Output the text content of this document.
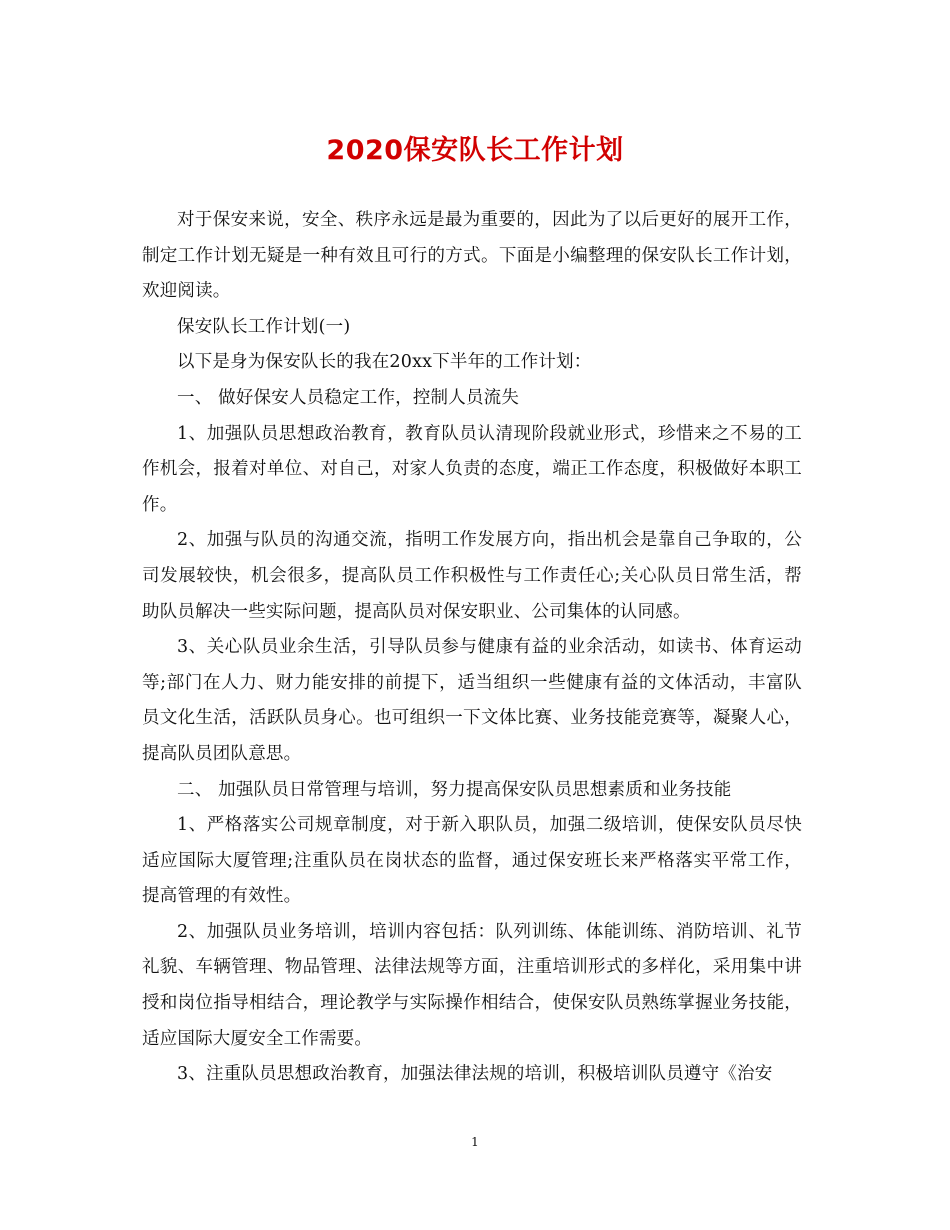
2020保安队长工作计划

对于保安来说，安全、秩序永远是最为重要的，因此为了以后更好的展开工作，制定工作计划无疑是一种有效且可行的方式。下面是小编整理的保安队长工作计划，欢迎阅读。

保安队长工作计划(一)

以下是身为保安队长的我在20xx下半年的工作计划：

一、 做好保安人员稳定工作，控制人员流失

1、加强队员思想政治教育，教育队员认清现阶段就业形式，珍惜来之不易的工作机会，报着对单位、对自己，对家人负责的态度，端正工作态度，积极做好本职工作。

2、加强与队员的沟通交流，指明工作发展方向，指出机会是靠自己争取的，公司发展较快，机会很多，提高队员工作积极性与工作责任心;关心队员日常生活，帮助队员解决一些实际问题，提高队员对保安职业、公司集体的认同感。

3、关心队员业余生活，引导队员参与健康有益的业余活动，如读书、体育运动等;部门在人力、财力能安排的前提下，适当组织一些健康有益的文体活动，丰富队员文化生活，活跃队员身心。也可组织一下文体比赛、业务技能竞赛等，凝聚人心，提高队员团队意思。

二、 加强队员日常管理与培训，努力提高保安队员思想素质和业务技能

1、严格落实公司规章制度，对于新入职队员，加强二级培训，使保安队员尽快适应国际大厦管理;注重队员在岗状态的监督，通过保安班长来严格落实平常工作，提高管理的有效性。

2、加强队员业务培训，培训内容包括：队列训练、体能训练、消防培训、礼节礼貌、车辆管理、物品管理、法律法规等方面，注重培训形式的多样化，采用集中讲授和岗位指导相结合，理论教学与实际操作相结合，使保安队员熟练掌握业务技能，适应国际大厦安全工作需要。

3、注重队员思想政治教育，加强法律法规的培训，积极培训队员遵守《治安

1
